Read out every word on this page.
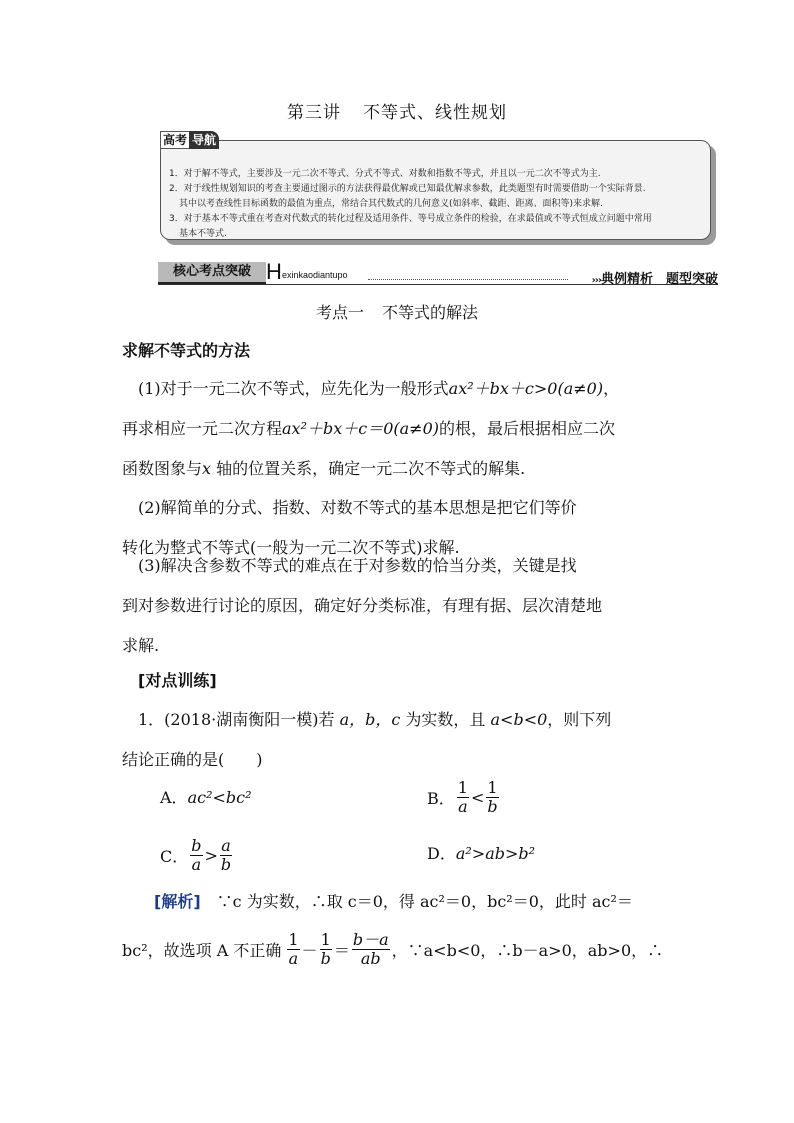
第三讲 不等式、线性规划
1．对于解不等式，主要涉及一元二次不等式、分式不等式、对数和指数不等式，并且以一元二次不等式为主.
2．对于线性规划知识的考查主要通过图示的方法获得最优解或已知最优解求参数，此类题型有时需要借助一个实际背景.
其中以考查线性目标函数的最值为重点，常结合其代数式的几何意义(如斜率、截距、距离、面积等)来求解.
3．对于基本不等式重在考查对代数式的转化过程及适用条件、等号成立条件的检验，在求最值或不等式恒成立问题中常用
基本不等式.
高考 导航
核心考点突破 H exinkaodiantupo	›››典例精析　题型突破
考点一 不等式的解法
求解不等式的方法
(1)对于一元二次不等式，应先化为一般形式ax²＋bx＋c>0(a≠0)，
再求相应一元二次方程ax²＋bx＋c＝0(a≠0)的根，最后根据相应二次
函数图象与x 轴的位置关系，确定一元二次不等式的解集.
(2)解简单的分式、指数、对数不等式的基本思想是把它们等价
转化为整式不等式(一般为一元二次不等式)求解.
(3)解决含参数不等式的难点在于对参数的恰当分类，关键是找
到对参数进行讨论的原因，确定好分类标准，有理有据、层次清楚地
求解.
[对点训练]
1．(2018·湖南衡阳一模)若 a，b，c 为实数，且 a<b<0，则下列
结论正确的是(　　)
A．ac²<bc²	B． $\frac{1}{a} < \frac{1}{b}$
C． $\frac{b}{a} > \frac{a}{b}$	D．a²>ab>b²
[解析]　∵c 为实数，∴取 c＝0，得 ac²＝0，bc²＝0，此时 ac²＝
bc²，故选项 A 不正确 $\frac{1}{a} - \frac{1}{b} = \frac{b-a}{ab}$ ，∵a<b<0，∴b－a>0，ab>0，∴
